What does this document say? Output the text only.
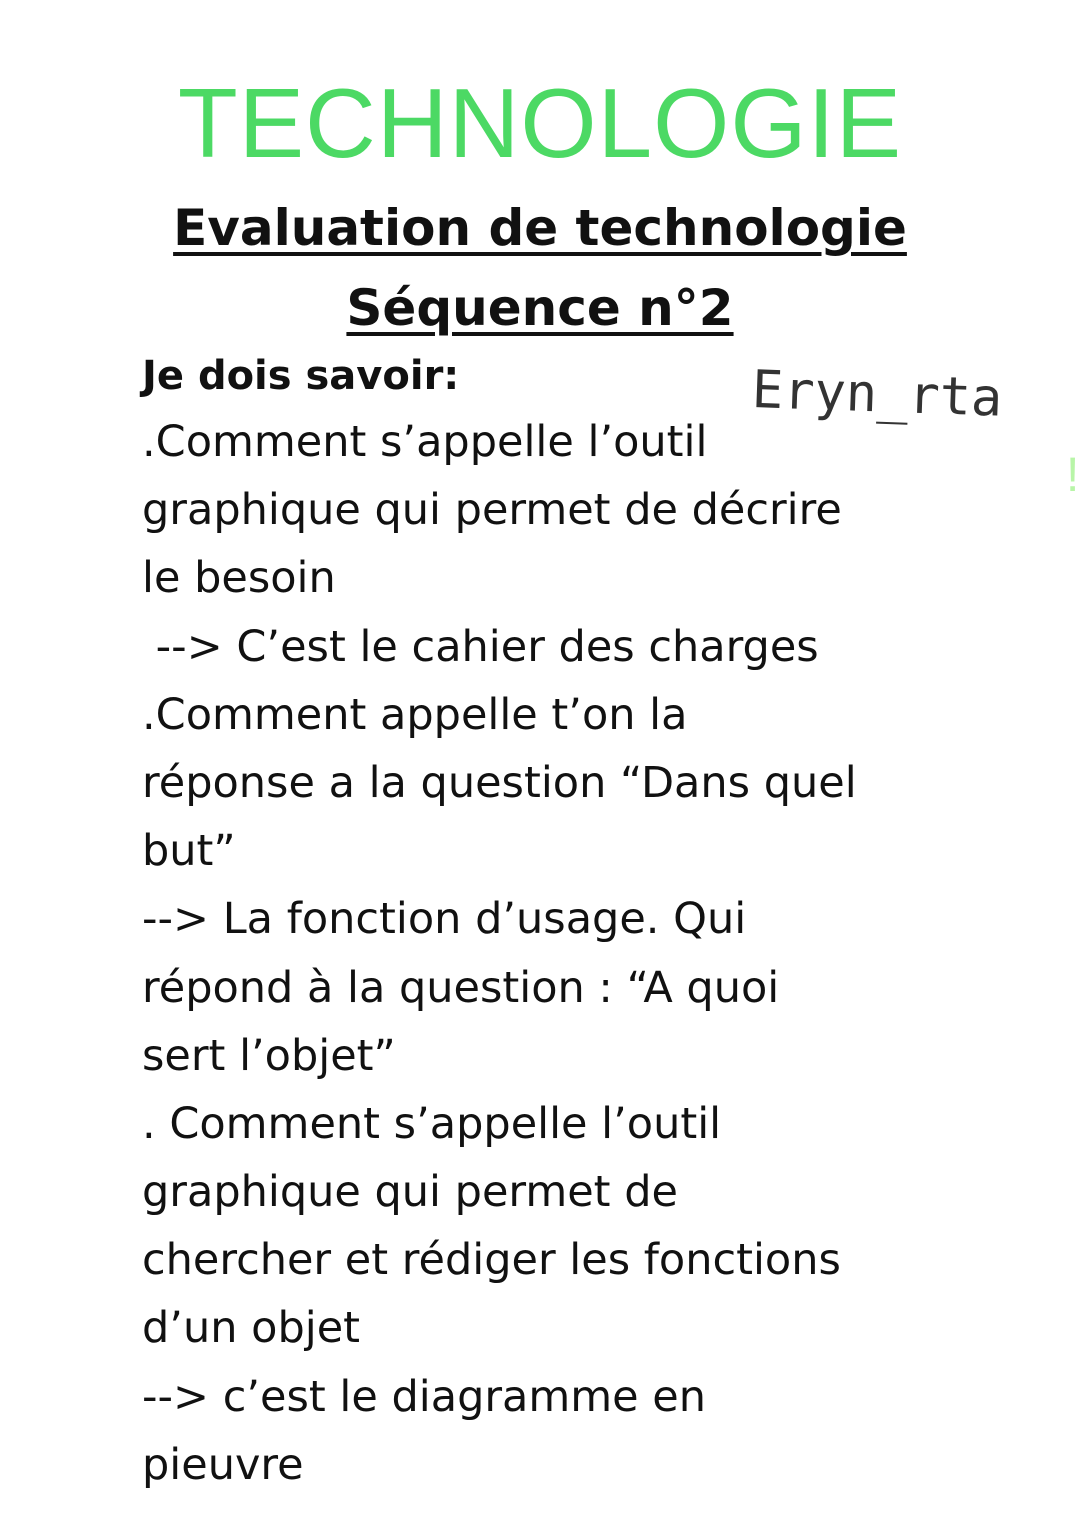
TECHNOLOGIE

Evaluation de technologie

Séquence n°2

Je dois savoir:	Eryn_rta
!
.Comment s’appelle l’outil
graphique qui permet de décrire
le besoin
--> C’est le cahier des charges
.Comment appelle t’on la
réponse a la question “Dans quel
but”
--> La fonction d’usage. Qui
répond à la question : “A quoi
sert l’objet”
. Comment s’appelle l’outil
graphique qui permet de
chercher et rédiger les fonctions
d’un objet
--> c’est le diagramme en
pieuvre
